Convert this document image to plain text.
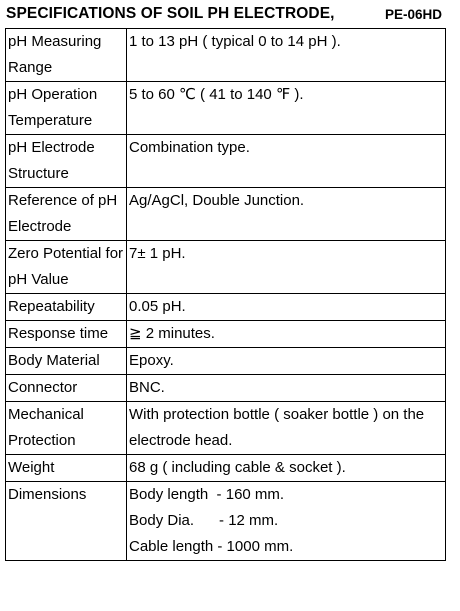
SPECIFICATIONS OF SOIL PH ELECTRODE,	PE-06HD
pH Measuring Range	1 to 13 pH ( typical 0 to 14 pH ).
pH Operation Temperature	5 to 60 ℃ ( 41 to 140 ℉ ).
pH Electrode Structure	Combination type.
Reference of pH Electrode	Ag/AgCl, Double Junction.
Zero Potential for pH Value	7± 1 pH.
Repeatability	0.05 pH.
Response time	≧ 2 minutes.
Body Material	Epoxy.
Connector	BNC.
Mechanical Protection	With protection bottle ( soaker bottle ) on the electrode head.
Weight	68 g ( including cable & socket ).
Dimensions	Body length  - 160 mm.
Body Dia.      - 12 mm.
Cable length - 1000 mm.
